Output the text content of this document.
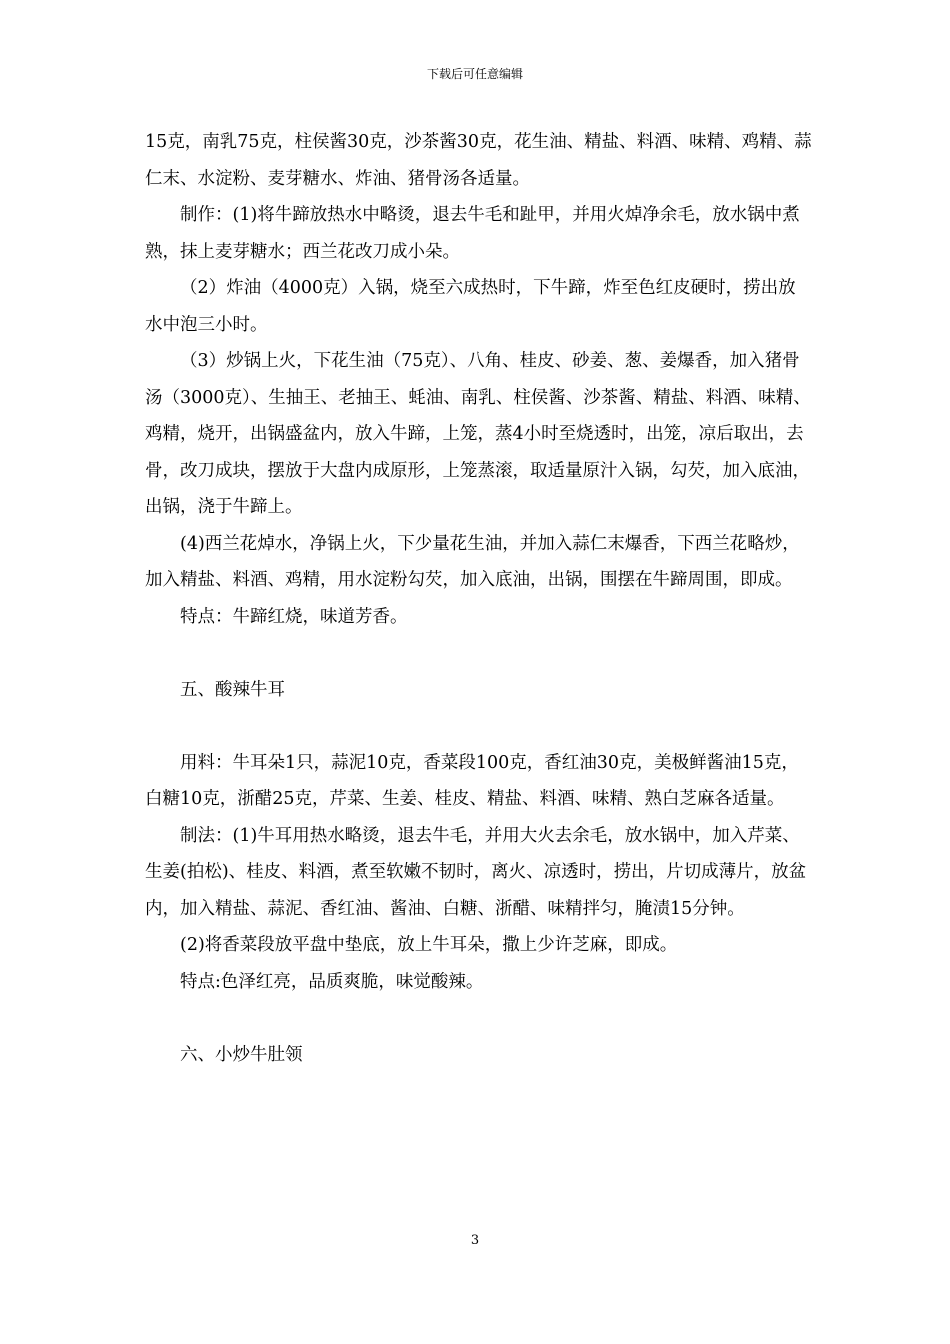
下载后可任意编辑

15克，南乳75克，柱侯酱30克，沙茶酱30克，花生油、精盐、料酒、味精、鸡精、蒜仁末、水淀粉、麦芽糖水、炸油、猪骨汤各适量。

制作：(1)将牛蹄放热水中略烫，退去牛毛和趾甲，并用火焯净余毛，放水锅中煮熟，抹上麦芽糖水；西兰花改刀成小朵。

（2）炸油（4000克）入锅，烧至六成热时，下牛蹄，炸至色红皮硬时，捞出放水中泡三小时。

（3）炒锅上火，下花生油（75克）、八角、桂皮、砂姜、葱、姜爆香，加入猪骨汤（3000克）、生抽王、老抽王、蚝油、南乳、柱侯酱、沙茶酱、精盐、料酒、味精、鸡精，烧开，出锅盛盆内，放入牛蹄，上笼，蒸4小时至烧透时，出笼，凉后取出，去骨，改刀成块，摆放于大盘内成原形，上笼蒸滚，取适量原汁入锅，勾芡，加入底油，出锅，浇于牛蹄上。

(4)西兰花焯水，净锅上火，下少量花生油，并加入蒜仁末爆香，下西兰花略炒，加入精盐、料酒、鸡精，用水淀粉勾芡，加入底油，出锅，围摆在牛蹄周围，即成。

特点：牛蹄红烧，味道芳香。

五、酸辣牛耳

用料：牛耳朵1只，蒜泥10克，香菜段100克，香红油30克，美极鲜酱油15克，白糖10克，浙醋25克，芹菜、生姜、桂皮、精盐、料酒、味精、熟白芝麻各适量。

制法：(1)牛耳用热水略烫，退去牛毛，并用大火去余毛，放水锅中，加入芹菜、生姜(拍松)、桂皮、料酒，煮至软嫩不韧时，离火、凉透时，捞出，片切成薄片，放盆内，加入精盐、蒜泥、香红油、酱油、白糖、浙醋、味精拌匀，腌渍15分钟。

(2)将香菜段放平盘中垫底，放上牛耳朵，撒上少许芝麻，即成。

特点:色泽红亮，品质爽脆，味觉酸辣。

六、小炒牛肚领

3
